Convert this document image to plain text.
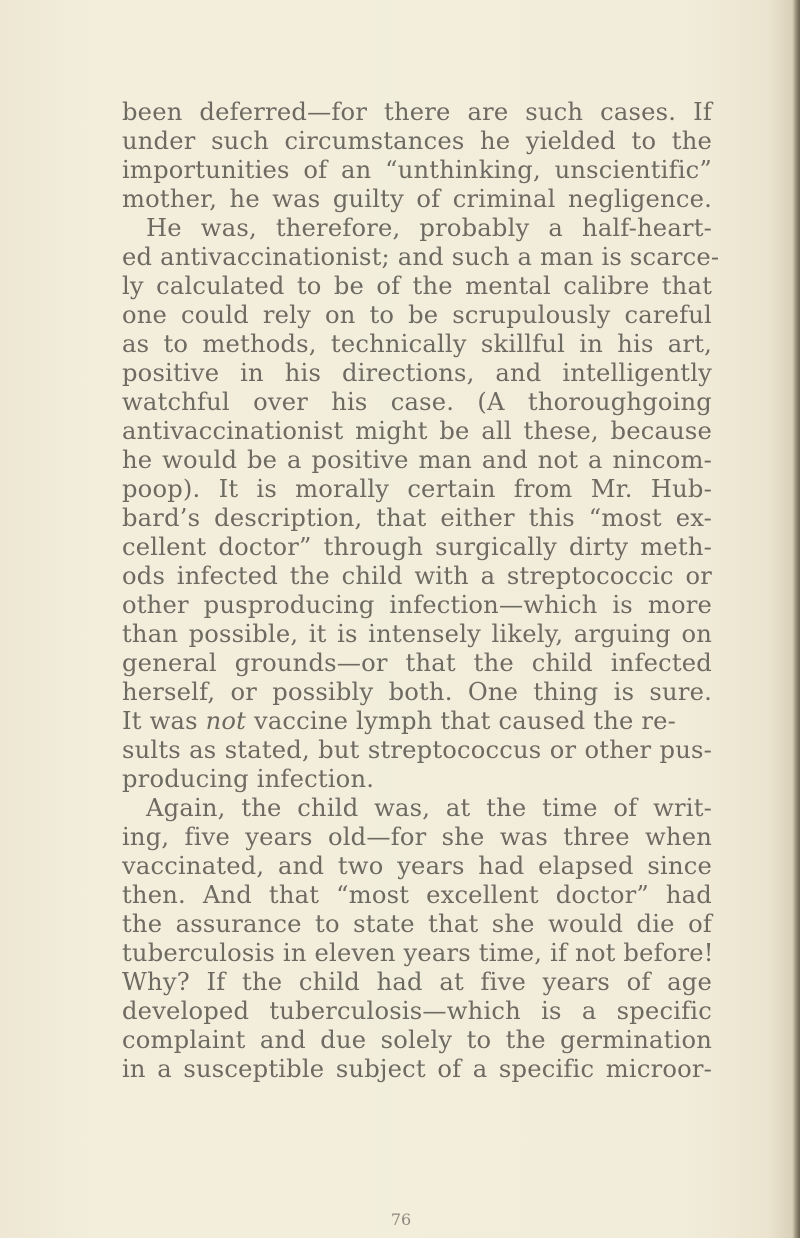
been deferred—for there are such cases. If
under such circumstances he yielded to the
importunities of an “unthinking, unscientific”
mother, he was guilty of criminal negligence.
He was, therefore, probably a half-heart-
ed antivaccinationist; and such a man is scarce-
ly calculated to be of the mental calibre that
one could rely on to be scrupulously careful
as to methods, technically skillful in his art,
positive in his directions, and intelligently
watchful over his case. (A thoroughgoing
antivaccinationist might be all these, because
he would be a positive man and not a nincom-
poop). It is morally certain from Mr. Hub-
bard’s description, that either this “most ex-
cellent doctor” through surgically dirty meth-
ods infected the child with a streptococcic or
other pusproducing infection—which is more
than possible, it is intensely likely, arguing on
general grounds—or that the child infected
herself, or possibly both. One thing is sure.
It was not vaccine lymph that caused the re-
sults as stated, but streptococcus or other pus-
producing infection.
Again, the child was, at the time of writ-
ing, five years old—for she was three when
vaccinated, and two years had elapsed since
then. And that “most excellent doctor” had
the assurance to state that she would die of
tuberculosis in eleven years time, if not before!
Why? If the child had at five years of age
developed tuberculosis—which is a specific
complaint and due solely to the germination
in a susceptible subject of a specific microor-
76
